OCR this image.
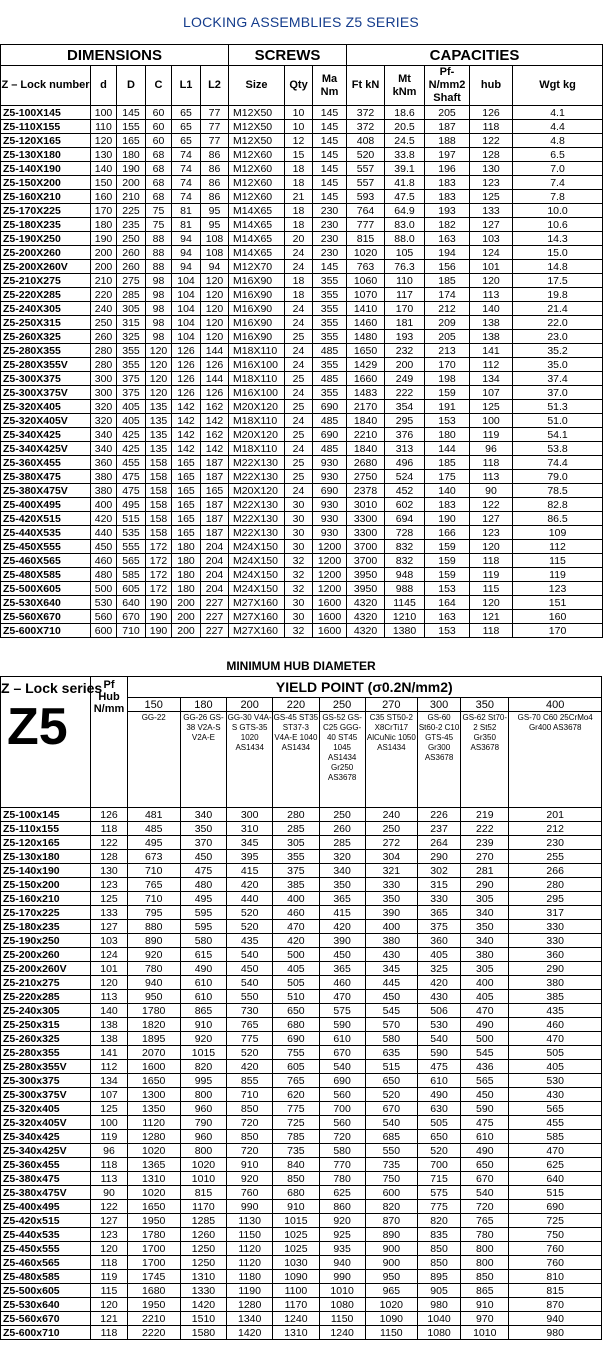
LOCKING ASSEMBLIES Z5 SERIES
DIMENSIONS						SCREWS			CAPACITIES				
Z – Lock number	d	D	C	L1	L2	Size	Qty	Ma Nm	Ft kN	Mt kNm	Pf-N/mm2 Shaft	hub	Wgt kg
Z5-100X145	100	145	60	65	77	M12X50	10	145	372	18.6	205	126	4.1
Z5-110X155	110	155	60	65	77	M12X50	10	145	372	20.5	187	118	4.4
Z5-120X165	120	165	60	65	77	M12X50	12	145	408	24.5	188	122	4.8
Z5-130X180	130	180	68	74	86	M12X60	15	145	520	33.8	197	128	6.5
Z5-140X190	140	190	68	74	86	M12X60	18	145	557	39.1	196	130	7.0
Z5-150X200	150	200	68	74	86	M12X60	18	145	557	41.8	183	123	7.4
Z5-160X210	160	210	68	74	86	M12X60	21	145	593	47.5	183	125	7.8
Z5-170X225	170	225	75	81	95	M14X65	18	230	764	64.9	193	133	10.0
Z5-180X235	180	235	75	81	95	M14X65	18	230	777	83.0	182	127	10.6
Z5-190X250	190	250	88	94	108	M14X65	20	230	815	88.0	163	103	14.3
Z5-200X260	200	260	88	94	108	M14X65	24	230	1020	105	194	124	15.0
Z5-200X260V	200	260	88	94	94	M12X70	24	145	763	76.3	156	101	14.8
Z5-210X275	210	275	98	104	120	M16X90	18	355	1060	110	185	120	17.5
Z5-220X285	220	285	98	104	120	M16X90	18	355	1070	117	174	113	19.8
Z5-240X305	240	305	98	104	120	M16X90	24	355	1410	170	212	140	21.4
Z5-250X315	250	315	98	104	120	M16X90	24	355	1460	181	209	138	22.0
Z5-260X325	260	325	98	104	120	M16X90	25	355	1480	193	205	138	23.0
Z5-280X355	280	355	120	126	144	M18X110	24	485	1650	232	213	141	35.2
Z5-280X355V	280	355	120	126	126	M16X100	24	355	1429	200	170	112	35.0
Z5-300X375	300	375	120	126	144	M18X110	25	485	1660	249	198	134	37.4
Z5-300X375V	300	375	120	126	126	M16X100	24	355	1483	222	159	107	37.0
Z5-320X405	320	405	135	142	162	M20X120	25	690	2170	354	191	125	51.3
Z5-320X405V	320	405	135	142	142	M18X110	24	485	1840	295	153	100	51.0
Z5-340X425	340	425	135	142	162	M20X120	25	690	2210	376	180	119	54.1
Z5-340X425V	340	425	135	142	142	M18X110	24	485	1840	313	144	96	53.8
Z5-360X455	360	455	158	165	187	M22X130	25	930	2680	496	185	118	74.4
Z5-380X475	380	475	158	165	187	M22X130	25	930	2750	524	175	113	79.0
Z5-380X475V	380	475	158	165	165	M20X120	24	690	2378	452	140	90	78.5
Z5-400X495	400	495	158	165	187	M22X130	30	930	3010	602	183	122	82.8
Z5-420X515	420	515	158	165	187	M22X130	30	930	3300	694	190	127	86.5
Z5-440X535	440	535	158	165	187	M22X130	30	930	3300	728	166	123	109
Z5-450X555	450	555	172	180	204	M24X150	30	1200	3700	832	159	120	112
Z5-460X565	460	565	172	180	204	M24X150	32	1200	3700	832	159	118	115
Z5-480X585	480	585	172	180	204	M24X150	32	1200	3950	948	159	119	119
Z5-500X605	500	605	172	180	204	M24X150	32	1200	3950	988	153	115	123
Z5-530X640	530	640	190	200	227	M27X160	30	1600	4320	1145	164	120	151
Z5-560X670	560	670	190	200	227	M27X160	30	1600	4320	1210	163	121	160
Z5-600X710	600	710	190	200	227	M27X160	32	1600	4320	1380	153	118	170
MINIMUM HUB DIAMETER
Z – Lock series
Z5	Pf Hub N/mm	YIELD POINT (σ0.2N/mm2)								
		150	180	200	220	250	270	300	350	400
		GG-22	GG-26 GS-38 V2A-S V2A-E	GG-30 V4A-S GTS-35 1020 AS1434	GS-45 ST35 ST37-3 V4A-E 1040 AS1434	GS-52 GS-C25 GGG-40 ST45 1045 AS1434 Gr250 AS3678	C35 ST50-2 X8CrTi17 AlCuNic 1050 AS1434	GS-60 St60-2 C10 GTS-45 Gr300 AS3678	GS-62 St70-2 St52 Gr350 AS3678	GS-70 C60 25CrMo4 Gr400 AS3678
Z5-100x145	126	481	340	300	280	250	240	226	219	201
Z5-110x155	118	485	350	310	285	260	250	237	222	212
Z5-120x165	122	495	370	345	305	285	272	264	239	230
Z5-130x180	128	673	450	395	355	320	304	290	270	255
Z5-140x190	130	710	475	415	375	340	321	302	281	266
Z5-150x200	123	765	480	420	385	350	330	315	290	280
Z5-160x210	125	710	495	440	400	365	350	330	305	295
Z5-170x225	133	795	595	520	460	415	390	365	340	317
Z5-180x235	127	880	595	520	470	420	400	375	350	330
Z5-190x250	103	890	580	435	420	390	380	360	340	330
Z5-200x260	124	920	615	540	500	450	430	405	380	360
Z5-200x260V	101	780	490	450	405	365	345	325	305	290
Z5-210x275	120	940	610	540	505	460	445	420	400	380
Z5-220x285	113	950	610	550	510	470	450	430	405	385
Z5-240x305	140	1780	865	730	650	575	545	506	470	435
Z5-250x315	138	1820	910	765	680	590	570	530	490	460
Z5-260x325	138	1895	920	775	690	610	580	540	500	470
Z5-280x355	141	2070	1015	520	755	670	635	590	545	505
Z5-280x355V	112	1600	820	420	605	540	515	475	436	405
Z5-300x375	134	1650	995	855	765	690	650	610	565	530
Z5-300x375V	107	1300	800	710	620	560	520	490	450	430
Z5-320x405	125	1350	960	850	775	700	670	630	590	565
Z5-320x405V	100	1120	790	720	725	560	540	505	475	455
Z5-340x425	119	1280	960	850	785	720	685	650	610	585
Z5-340x425V	96	1020	800	720	735	580	550	520	490	470
Z5-360x455	118	1365	1020	910	840	770	735	700	650	625
Z5-380x475	113	1310	1010	920	850	780	750	715	670	640
Z5-380x475V	90	1020	815	760	680	625	600	575	540	515
Z5-400x495	122	1650	1170	990	910	860	820	775	720	690
Z5-420x515	127	1950	1285	1130	1015	920	870	820	765	725
Z5-440x535	123	1780	1260	1150	1025	925	890	835	780	750
Z5-450x555	120	1700	1250	1120	1025	935	900	850	800	760
Z5-460x565	118	1700	1250	1120	1030	940	900	850	800	760
Z5-480x585	119	1745	1310	1180	1090	990	950	895	850	810
Z5-500x605	115	1680	1330	1190	1100	1010	965	905	865	815
Z5-530x640	120	1950	1420	1280	1170	1080	1020	980	910	870
Z5-560x670	121	2210	1510	1340	1240	1150	1090	1040	970	940
Z5-600x710	118	2220	1580	1420	1310	1240	1150	1080	1010	980
